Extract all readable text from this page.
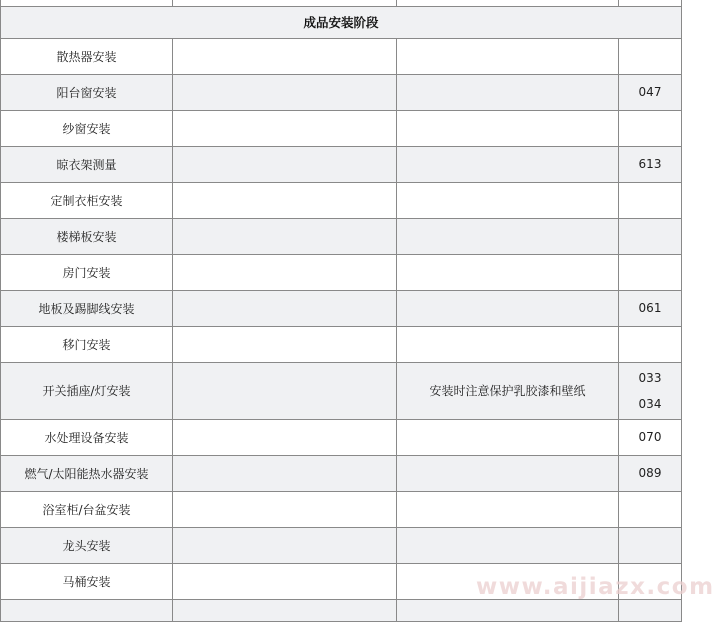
成品安装阶段			
散热器安装			
阳台窗安装			047

纱窗安装			
晾衣架测量			613

定制衣柜安装			
楼梯板安装			
房门安装			
地板及踢脚线安装			061

移门安装			
开关插座/灯安装		安装时注意保护乳胶漆和壁纸	033
034

水处理设备安装			070

燃气/太阳能热水器安装			089

浴室柜/台盆安装			
龙头安装			
马桶安装			
				www.aijiazx.com
